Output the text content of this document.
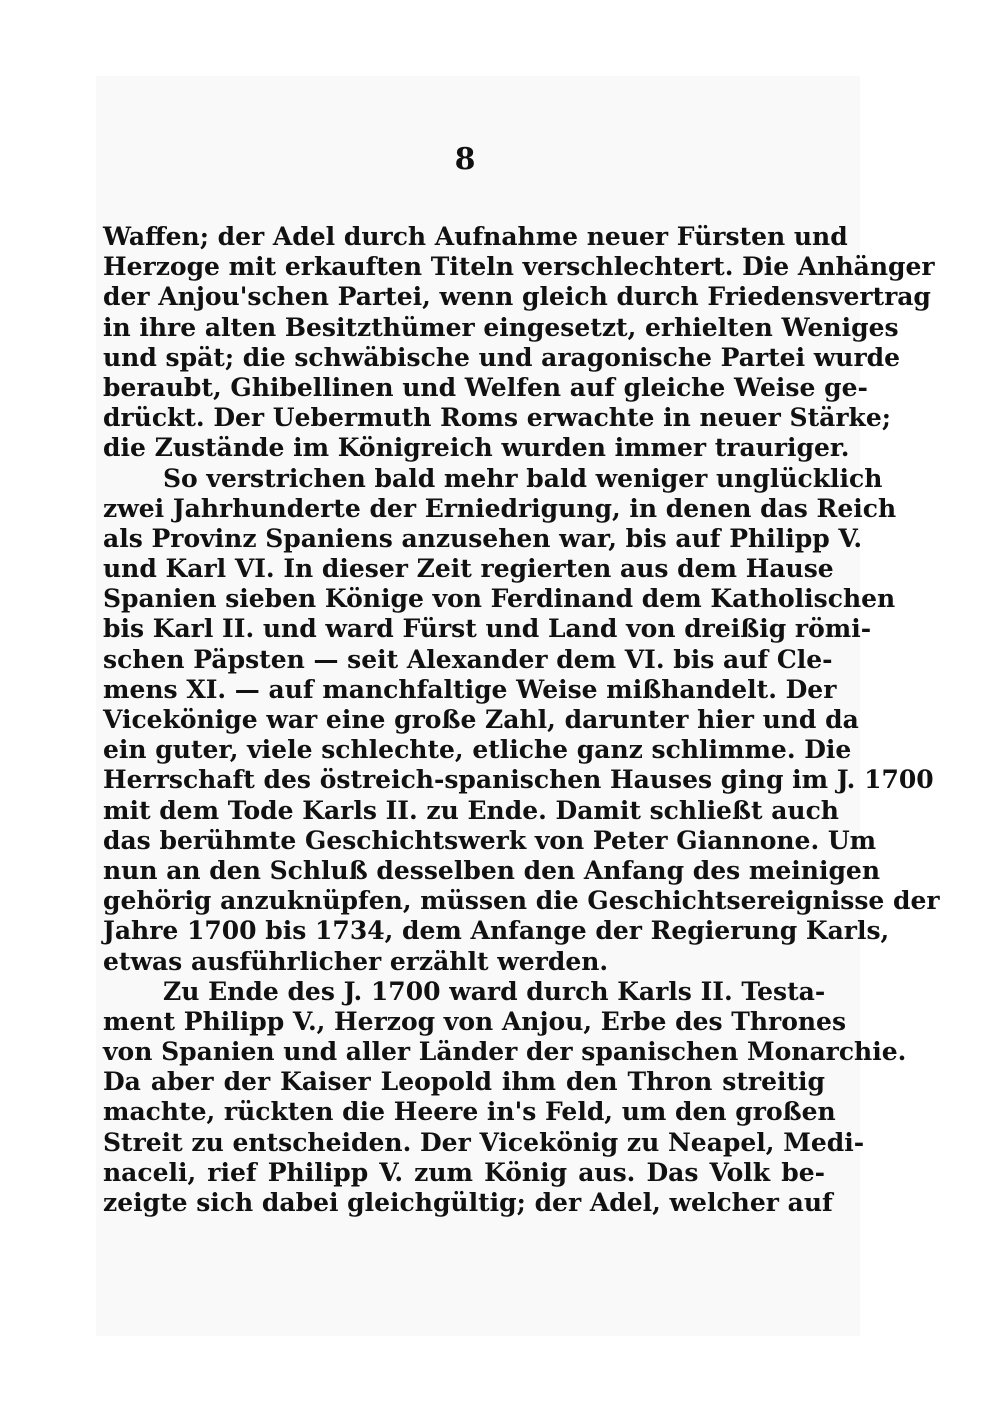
8
Waffen; der Adel durch Aufnahme neuer Fürsten und
Herzoge mit erkauften Titeln verschlechtert. Die Anhänger
der Anjou'schen Partei, wenn gleich durch Friedensvertrag
in ihre alten Besitzthümer eingesetzt, erhielten Weniges
und spät; die schwäbische und aragonische Partei wurde
beraubt, Ghibellinen und Welfen auf gleiche Weise ge-
drückt. Der Uebermuth Roms erwachte in neuer Stärke;
die Zustände im Königreich wurden immer trauriger.
So verstrichen bald mehr bald weniger unglücklich
zwei Jahrhunderte der Erniedrigung, in denen das Reich
als Provinz Spaniens anzusehen war, bis auf Philipp V.
und Karl VI. In dieser Zeit regierten aus dem Hause
Spanien sieben Könige von Ferdinand dem Katholischen
bis Karl II. und ward Fürst und Land von dreißig römi-
schen Päpsten — seit Alexander dem VI. bis auf Cle-
mens XI. — auf manchfaltige Weise mißhandelt. Der
Vicekönige war eine große Zahl, darunter hier und da
ein guter, viele schlechte, etliche ganz schlimme. Die
Herrschaft des östreich-spanischen Hauses ging im J. 1700
mit dem Tode Karls II. zu Ende. Damit schließt auch
das berühmte Geschichtswerk von Peter Giannone. Um
nun an den Schluß desselben den Anfang des meinigen
gehörig anzuknüpfen, müssen die Geschichtsereignisse der
Jahre 1700 bis 1734, dem Anfange der Regierung Karls,
etwas ausführlicher erzählt werden.
Zu Ende des J. 1700 ward durch Karls II. Testa-
ment Philipp V., Herzog von Anjou, Erbe des Thrones
von Spanien und aller Länder der spanischen Monarchie.
Da aber der Kaiser Leopold ihm den Thron streitig
machte, rückten die Heere in's Feld, um den großen
Streit zu entscheiden. Der Vicekönig zu Neapel, Medi-
naceli, rief Philipp V. zum König aus. Das Volk be-
zeigte sich dabei gleichgültig; der Adel, welcher auf
